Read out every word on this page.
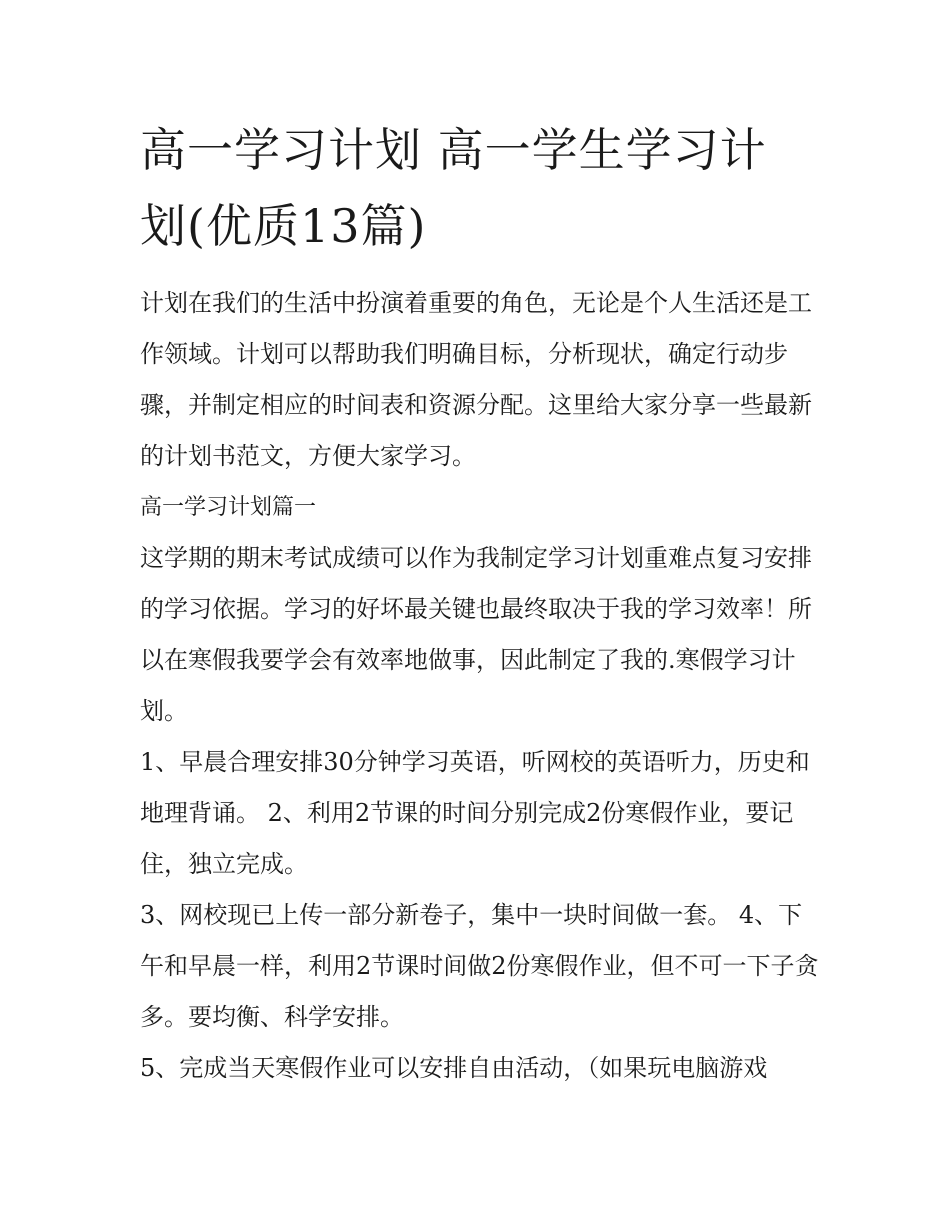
高一学习计划 高一学生学习计
划(优质13篇)

计划在我们的生活中扮演着重要的角色，无论是个人生活还是工作领域。计划可以帮助我们明确目标，分析现状，确定行动步骤，并制定相应的时间表和资源分配。这里给大家分享一些最新的计划书范文，方便大家学习。

高一学习计划篇一

这学期的期末考试成绩可以作为我制定学习计划重难点复习安排的学习依据。学习的好坏最关键也最终取决于我的学习效率！所以在寒假我要学会有效率地做事，因此制定了我的.寒假学习计划。

1、早晨合理安排30分钟学习英语，听网校的英语听力，历史和地理背诵。 2、利用2节课的时间分别完成2份寒假作业，要记住，独立完成。

3、网校现已上传一部分新卷子，集中一块时间做一套。 4、下午和早晨一样，利用2节课时间做2份寒假作业，但不可一下子贪多。要均衡、科学安排。

5、完成当天寒假作业可以安排自由活动，（如果玩电脑游戏
